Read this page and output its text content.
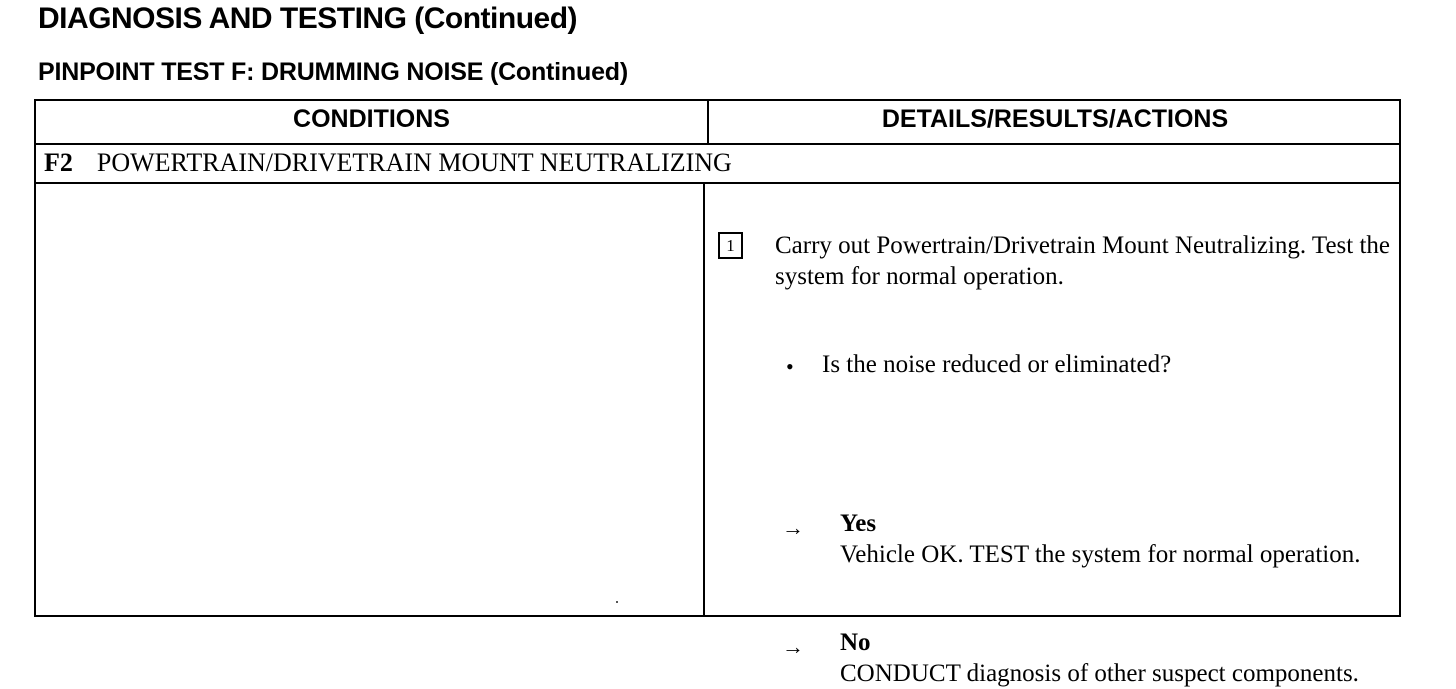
DIAGNOSIS AND TESTING (Continued)
PINPOINT TEST F: DRUMMING NOISE (Continued)
CONDITIONS	DETAILS/RESULTS/ACTIONS
F2 POWERTRAIN/DRIVETRAIN MOUNT NEUTRALIZING
1	Carry out Powertrain/Drivetrain Mount Neutralizing. Test the system for normal operation.
• Is the noise reduced or eliminated?
→ Yes
Vehicle OK. TEST the system for normal operation.
→ No
CONDUCT diagnosis of other suspect components.
